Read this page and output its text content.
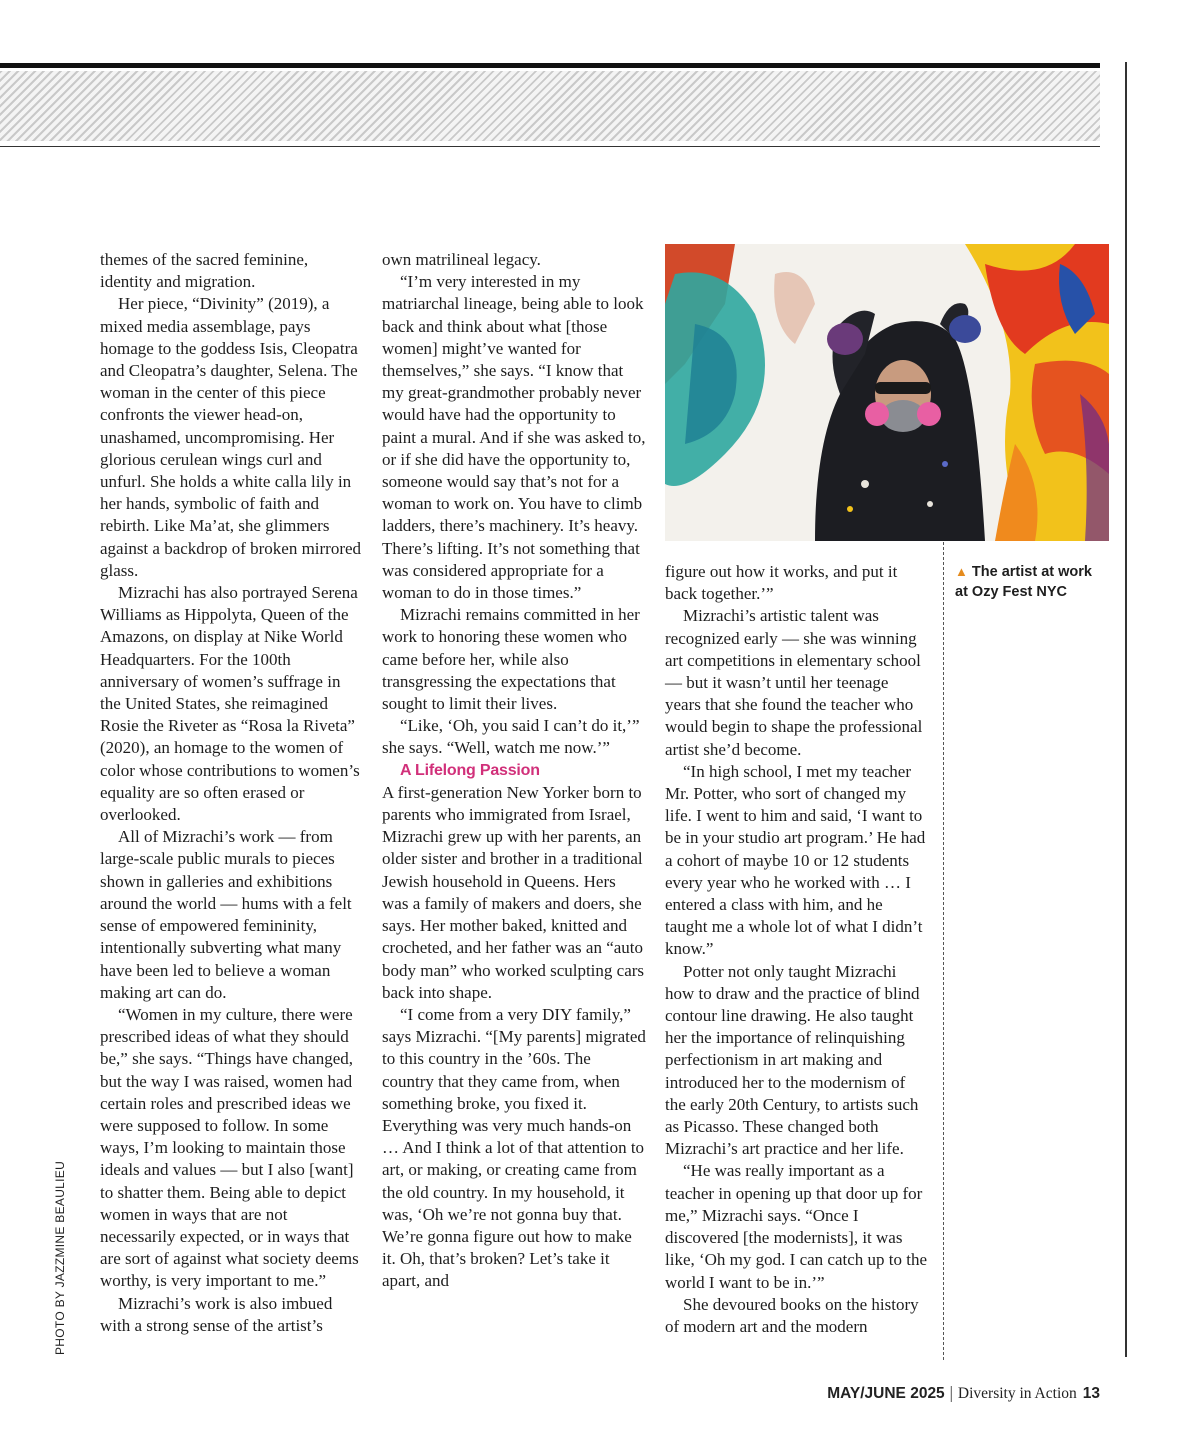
themes of the sacred feminine, identity and migration.

Her piece, “Divinity” (2019), a mixed media assemblage, pays homage to the goddess Isis, Cleopatra and Cleopatra’s daughter, Selena. The woman in the center of this piece confronts the viewer head-on, unashamed, uncompromising. Her glorious cerulean wings curl and unfurl. She holds a white calla lily in her hands, symbolic of faith and rebirth. Like Ma’at, she glimmers against a backdrop of broken mirrored glass.

Mizrachi has also portrayed Serena Williams as Hippolyta, Queen of the Amazons, on display at Nike World Headquarters. For the 100th anniversary of women’s suffrage in the United States, she reimagined Rosie the Riveter as “Rosa la Riveta” (2020), an homage to the women of color whose contributions to women’s equality are so often erased or overlooked.

All of Mizrachi’s work — from large-scale public murals to pieces shown in galleries and exhibitions around the world — hums with a felt sense of empowered femininity, intentionally subverting what many have been led to believe a woman making art can do.

“Women in my culture, there were prescribed ideas of what they should be,” she says. “Things have changed, but the way I was raised, women had certain roles and prescribed ideas we were supposed to follow. In some ways, I’m looking to maintain those ideals and values — but I also [want] to shatter them. Being able to depict women in ways that are not necessarily expected, or in ways that are sort of against what society deems worthy, is very important to me.”

Mizrachi’s work is also imbued with a strong sense of the artist’s

own matrilineal legacy.

“I’m very interested in my matriarchal lineage, being able to look back and think about what [those women] might’ve wanted for themselves,” she says. “I know that my great-grandmother probably never would have had the opportunity to paint a mural. And if she was asked to, or if she did have the opportunity to, someone would say that’s not for a woman to work on. You have to climb ladders, there’s machinery. It’s heavy. There’s lifting. It’s not something that was considered appropriate for a woman to do in those times.”

Mizrachi remains committed in her work to honoring these women who came before her, while also transgressing the expectations that sought to limit their lives.

“Like, ‘Oh, you said I can’t do it,’” she says. “Well, watch me now.’”

A Lifelong Passion

A first-generation New Yorker born to parents who immigrated from Israel, Mizrachi grew up with her parents, an older sister and brother in a traditional Jewish household in Queens. Hers was a family of makers and doers, she says. Her mother baked, knitted and crocheted, and her father was an “auto body man” who worked sculpting cars back into shape.

“I come from a very DIY family,” says Mizrachi. “[My parents] migrated to this country in the ’60s. The country that they came from, when something broke, you fixed it. Everything was very much hands-on … And I think a lot of that attention to art, or making, or creating came from the old country. In my household, it was, ‘Oh we’re not gonna buy that. We’re gonna figure out how to make it. Oh, that’s broken? Let’s take it apart, and

▲ The artist at work at Ozy Fest NYC

figure out how it works, and put it back together.’”

Mizrachi’s artistic talent was recognized early — she was winning art competitions in elementary school — but it wasn’t until her teenage years that she found the teacher who would begin to shape the professional artist she’d become.

“In high school, I met my teacher Mr. Potter, who sort of changed my life. I went to him and said, ‘I want to be in your studio art program.’ He had a cohort of maybe 10 or 12 students every year who he worked with … I entered a class with him, and he taught me a whole lot of what I didn’t know.”

Potter not only taught Mizrachi how to draw and the practice of blind contour line drawing. He also taught her the importance of relinquishing perfectionism in art making and introduced her to the modernism of the early 20th Century, to artists such as Picasso. These changed both Mizrachi’s art practice and her life.

“He was really important as a teacher in opening up that door up for me,” Mizrachi says. “Once I discovered [the modernists], it was like, ‘Oh my god. I can catch up to the world I want to be in.’”

She devoured books on the history of modern art and the modern

PHOTO BY JAZZMINE BEAULIEU
MAY/JUNE 2025 | Diversity in Action 13
